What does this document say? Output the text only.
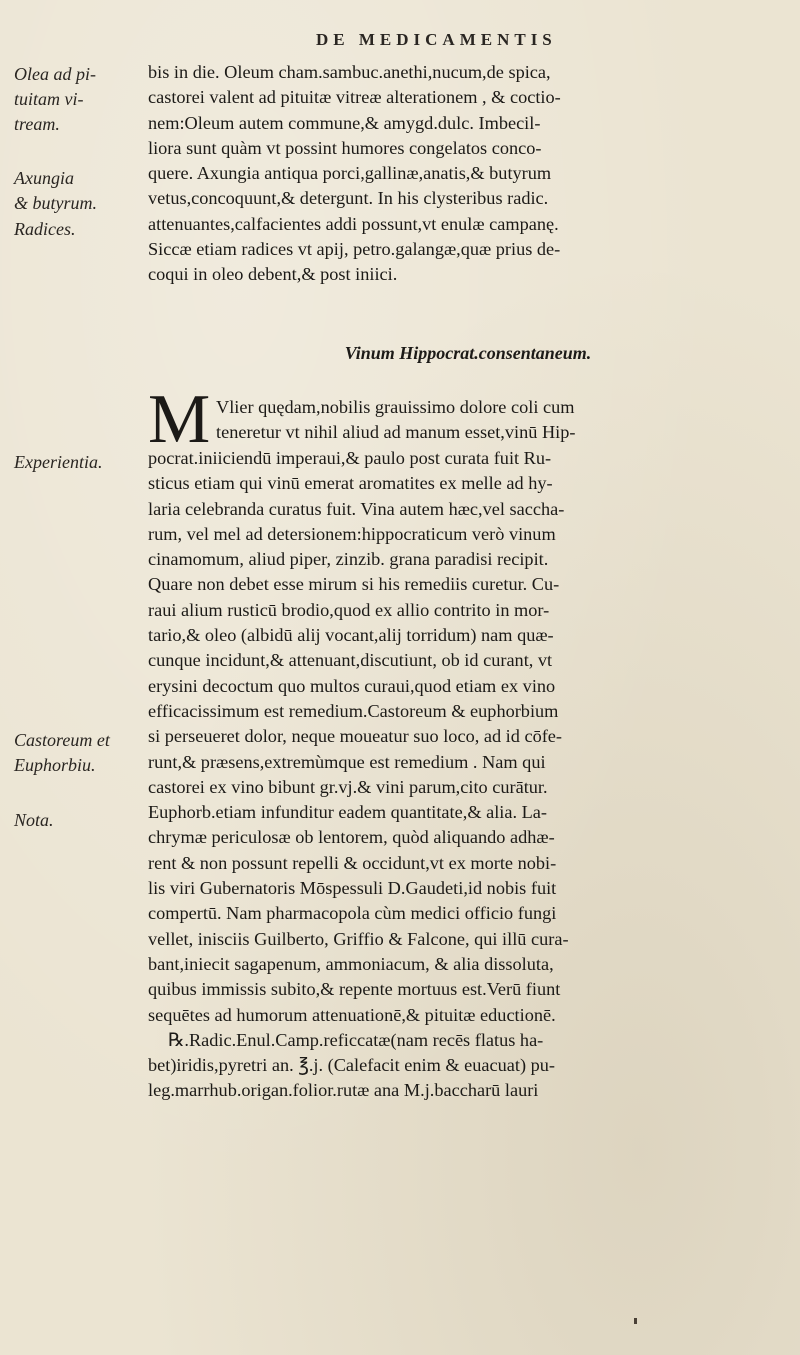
DE MEDICAMENTIS
Olea ad pi-
tuitam vi-
tream.
Axungia
& butyrum.
Radices.
Experientia.
Castoreum et
Euphorbiu.
Nota.
bis in die. Oleum cham.sambuc.anethi,nucum,de spica,
castorei valent ad pituitæ vitreæ alterationem , & coctio-
nem:Oleum autem commune,& amygd.dulc. Imbecil-
liora sunt quàm vt possint humores congelatos conco-
quere. Axungia antiqua porci,gallinæ,anatis,& butyrum
vetus,concoquunt,& detergunt. In his clysteribus radic.
attenuantes,calfacientes addi possunt,vt enulæ campanę.
Siccæ etiam radices vt apij, petro.galangæ,quæ prius de-
coqui in oleo debent,& post iniici.
Vinum Hippocrat.consentaneum.
M Vlier quędam,nobilis grauissimo dolore coli cum
teneretur vt nihil aliud ad manum esset,vinū Hip-
pocrat.iniiciendū imperaui,& paulo post curata fuit Ru-
sticus etiam qui vinū emerat aromatites ex melle ad hy-
laria celebranda curatus fuit. Vina autem hæc,vel saccha-
rum, vel mel ad detersionem:hippocraticum verò vinum
cinamomum, aliud piper, zinzib. grana paradisi recipit.
Quare non debet esse mirum si his remediis curetur. Cu-
raui alium rusticū brodio,quod ex allio contrito in mor-
tario,& oleo (albidū alij vocant,alij torridum) nam quæ-
cunque incidunt,& attenuant,discutiunt, ob id curant, vt
erysini decoctum quo multos curaui,quod etiam ex vino
efficacissimum est remedium.Castoreum & euphorbium
si perseueret dolor, neque moueatur suo loco, ad id cōfe-
runt,& præsens,extremùmque est remedium . Nam qui
castorei ex vino bibunt gr.vj.& vini parum,cito curātur.
Euphorb.etiam infunditur eadem quantitate,& alia. La-
chrymæ periculosæ ob lentorem, quòd aliquando adhæ-
rent & non possunt repelli & occidunt,vt ex morte nobi-
lis viri Gubernatoris Mōspessuli D.Gaudeti,id nobis fuit
compertū. Nam pharmacopola cùm medici officio fungi
vellet, inisciis Guilberto, Griffio & Falcone, qui illū cura-
bant,iniecit sagapenum, ammoniacum, & alia dissoluta,
quibus immissis subito,& repente mortuus est.Verū fiunt
sequētes ad humorum attenuationē,& pituitæ eductionē.
℞.Radic.Enul.Camp.reficcatæ(nam recēs flatus ha-
bet)iridis,pyretri an. ℥.j. (Calefacit enim & euacuat) pu-
leg.marrhub.origan.folior.rutæ ana M.j.baccharū lauri
